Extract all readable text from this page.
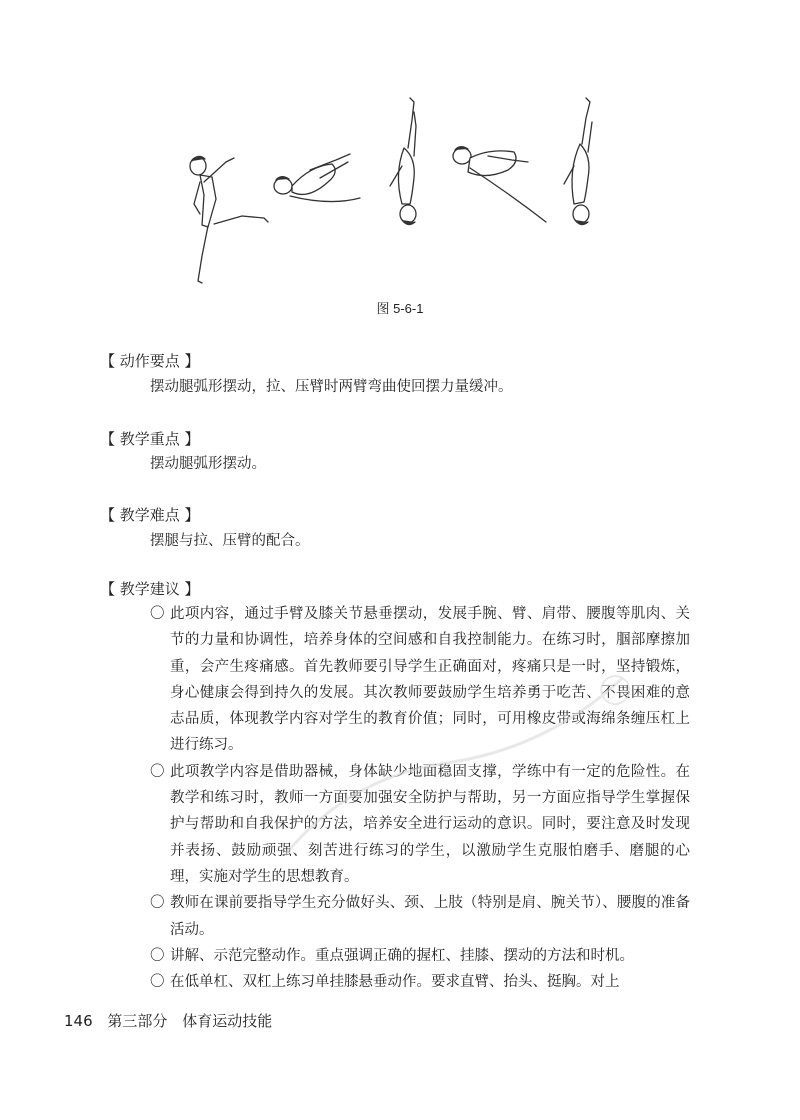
图 5-6-1
【 动作要点 】
摆动腿弧形摆动，拉、压臂时两臂弯曲使回摆力量缓冲。
【 教学重点 】
摆动腿弧形摆动。
【 教学难点 】
摆腿与拉、压臂的配合。
【 教学建议 】
〇 此项内容，通过手臂及膝关节悬垂摆动，发展手腕、臂、肩带、腰腹等肌肉、关节的力量和协调性，培养身体的空间感和自我控制能力。在练习时，腘部摩擦加重，会产生疼痛感。首先教师要引导学生正确面对，疼痛只是一时，坚持锻炼，身心健康会得到持久的发展。其次教师要鼓励学生培养勇于吃苦、不畏困难的意志品质，体现教学内容对学生的教育价值；同时，可用橡皮带或海绵条缠压杠上进行练习。
〇 此项教学内容是借助器械，身体缺少地面稳固支撑，学练中有一定的危险性。在教学和练习时，教师一方面要加强安全防护与帮助，另一方面应指导学生掌握保护与帮助和自我保护的方法，培养安全进行运动的意识。同时，要注意及时发现并表扬、鼓励顽强、刻苦进行练习的学生，以激励学生克服怕磨手、磨腿的心理，实施对学生的思想教育。
〇 教师在课前要指导学生充分做好头、颈、上肢（特别是肩、腕关节）、腰腹的准备活动。
〇 讲解、示范完整动作。重点强调正确的握杠、挂膝、摆动的方法和时机。
〇 在低单杠、双杠上练习单挂膝悬垂动作。要求直臂、抬头、挺胸。对上
146 第三部分 体育运动技能
